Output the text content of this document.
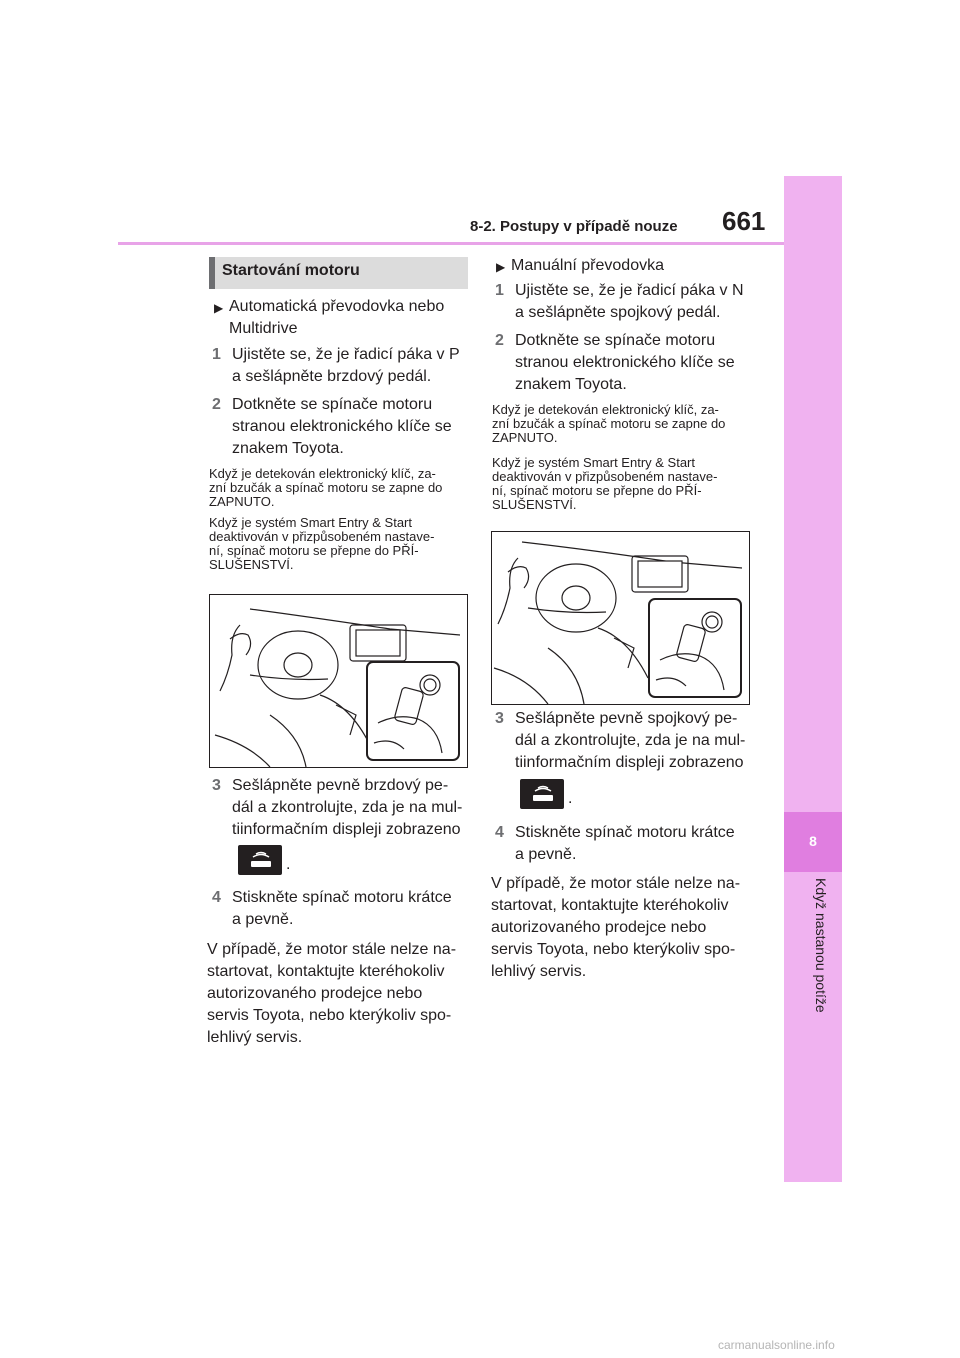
8-2. Postupy v případě nouze 661
8
Když nastanou potíže
Startování motoru
▶ Automatická převodovka nebo
Multidrive
1 Ujistěte se, že je řadicí páka v P
a sešlápněte brzdový pedál.
2 Dotkněte se spínače motoru
stranou elektronického klíče se
znakem Toyota.
Když je detekován elektronický klíč, za-
zní bzučák a spínač motoru se zapne do
ZAPNUTO.
Když je systém Smart Entry & Start
deaktivován v přizpůsobeném nastave-
ní, spínač motoru se přepne do PŘÍ-
SLUŠENSTVÍ.
3 Sešlápněte pevně brzdový pe-
dál a zkontrolujte, zda je na mul-
tiinformačním displeji zobrazeno
.
4 Stiskněte spínač motoru krátce
a pevně.
V případě, že motor stále nelze na-
startovat, kontaktujte kteréhokoliv
autorizovaného prodejce nebo
servis Toyota, nebo kterýkoliv spo-
lehlivý servis.
▶ Manuální převodovka
1 Ujistěte se, že je řadicí páka v N
a sešlápněte spojkový pedál.
2 Dotkněte se spínače motoru
stranou elektronického klíče se
znakem Toyota.
Když je detekován elektronický klíč, za-
zní bzučák a spínač motoru se zapne do
ZAPNUTO.
Když je systém Smart Entry & Start
deaktivován v přizpůsobeném nastave-
ní, spínač motoru se přepne do PŘÍ-
SLUŠENSTVÍ.
3 Sešlápněte pevně spojkový pe-
dál a zkontrolujte, zda je na mul-
tiinformačním displeji zobrazeno
.
4 Stiskněte spínač motoru krátce
a pevně.
V případě, že motor stále nelze na-
startovat, kontaktujte kteréhokoliv
autorizovaného prodejce nebo
servis Toyota, nebo kterýkoliv spo-
lehlivý servis.
carmanualsonline.info
